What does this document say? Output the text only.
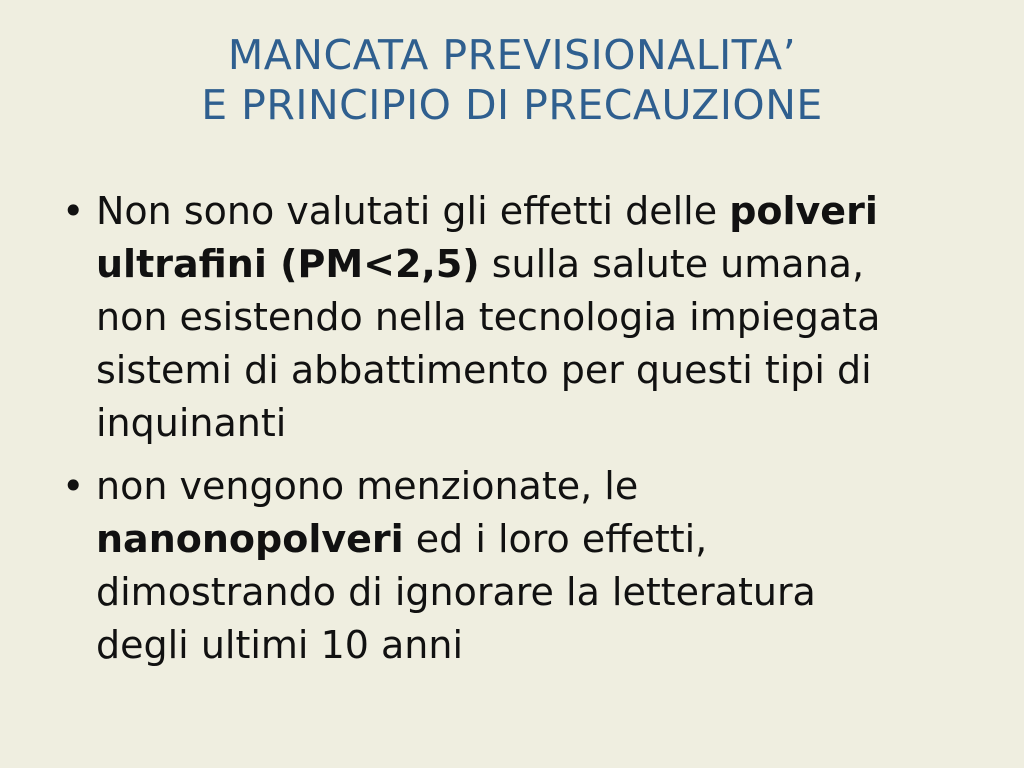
MANCATA PREVISIONALITA’
E PRINCIPIO DI PRECAUZIONE
• Non sono valutati gli effetti delle polveri ultrafini (PM<2,5) sulla salute umana, non esistendo nella tecnologia impiegata sistemi di abbattimento per questi tipi di inquinanti
• non vengono menzionate, le nanonopolveri ed i loro effetti, dimostrando di ignorare la letteratura degli ultimi 10 anni
